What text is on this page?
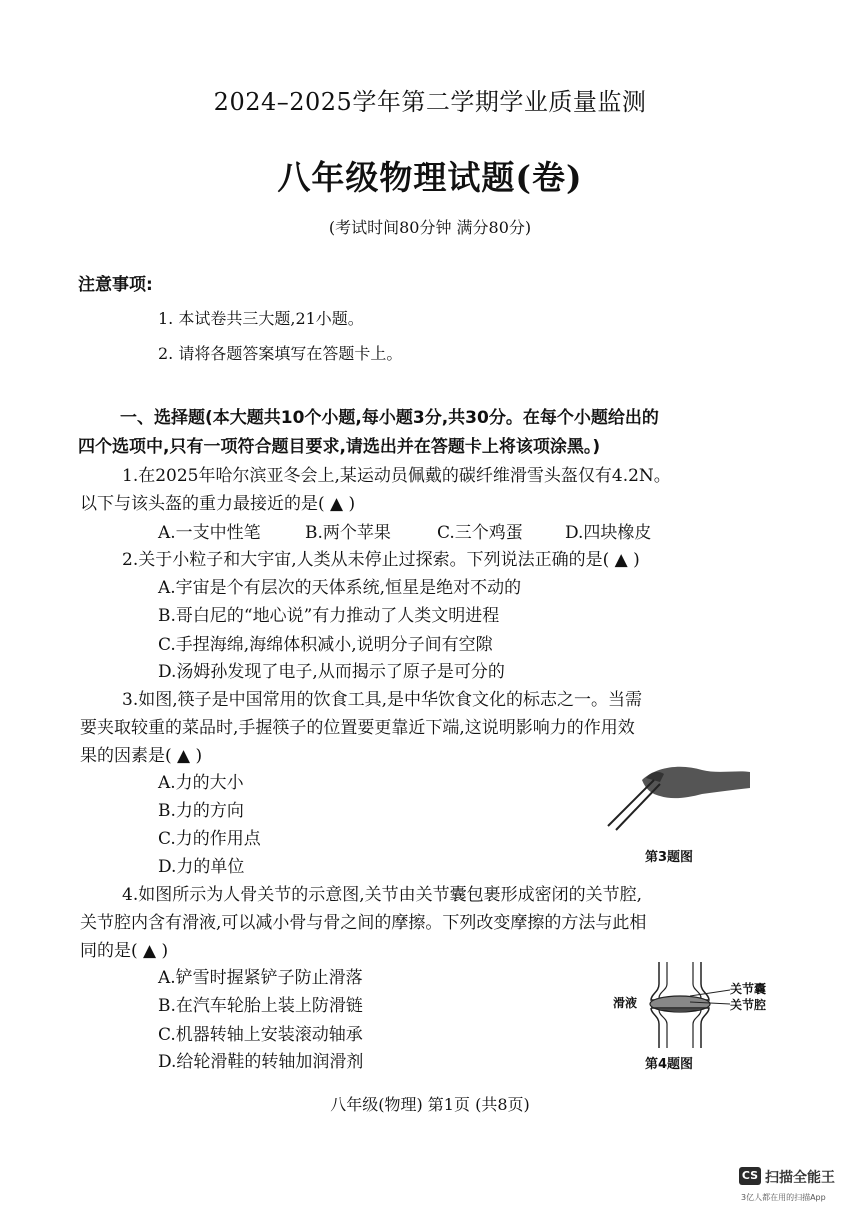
2024–2025学年第二学期学业质量监测
八年级物理试题(卷)
(考试时间80分钟 满分80分)
注意事项:
1. 本试卷共三大题,21小题。
2. 请将各题答案填写在答题卡上。
一、选择题(本大题共10个小题,每小题3分,共30分。在每个小题给出的
四个选项中,只有一项符合题目要求,请选出并在答题卡上将该项涂黑。)
1.在2025年哈尔滨亚冬会上,某运动员佩戴的碳纤维滑雪头盔仅有4.2N。
以下与该头盔的重力最接近的是( ▲ )
A.一支中性笔	B.两个苹果	C.三个鸡蛋 D.四块橡皮
2.关于小粒子和大宇宙,人类从未停止过探索。下列说法正确的是( ▲ )
A.宇宙是个有层次的天体系统,恒星是绝对不动的
B.哥白尼的“地心说”有力推动了人类文明进程
C.手捏海绵,海绵体积减小,说明分子间有空隙
D.汤姆孙发现了电子,从而揭示了原子是可分的
3.如图,筷子是中国常用的饮食工具,是中华饮食文化的标志之一。当需
要夹取较重的菜品时,手握筷子的位置要更靠近下端,这说明影响力的作用效
果的因素是( ▲ )
A.力的大小
B.力的方向
C.力的作用点
D.力的单位	第3题图
4.如图所示为人骨关节的示意图,关节由关节囊包裹形成密闭的关节腔,
关节腔内含有滑液,可以减小骨与骨之间的摩擦。下列改变摩擦的方法与此相
同的是( ▲ )
A.铲雪时握紧铲子防止滑落
B.在汽车轮胎上装上防滑链
C.机器转轴上安装滚动轴承
D.给轮滑鞋的转轴加润滑剂
关节囊
关节腔
滑液
第4题图
八年级(物理) 第1页 (共8页)
CS 扫描全能王
3亿人都在用的扫描App
